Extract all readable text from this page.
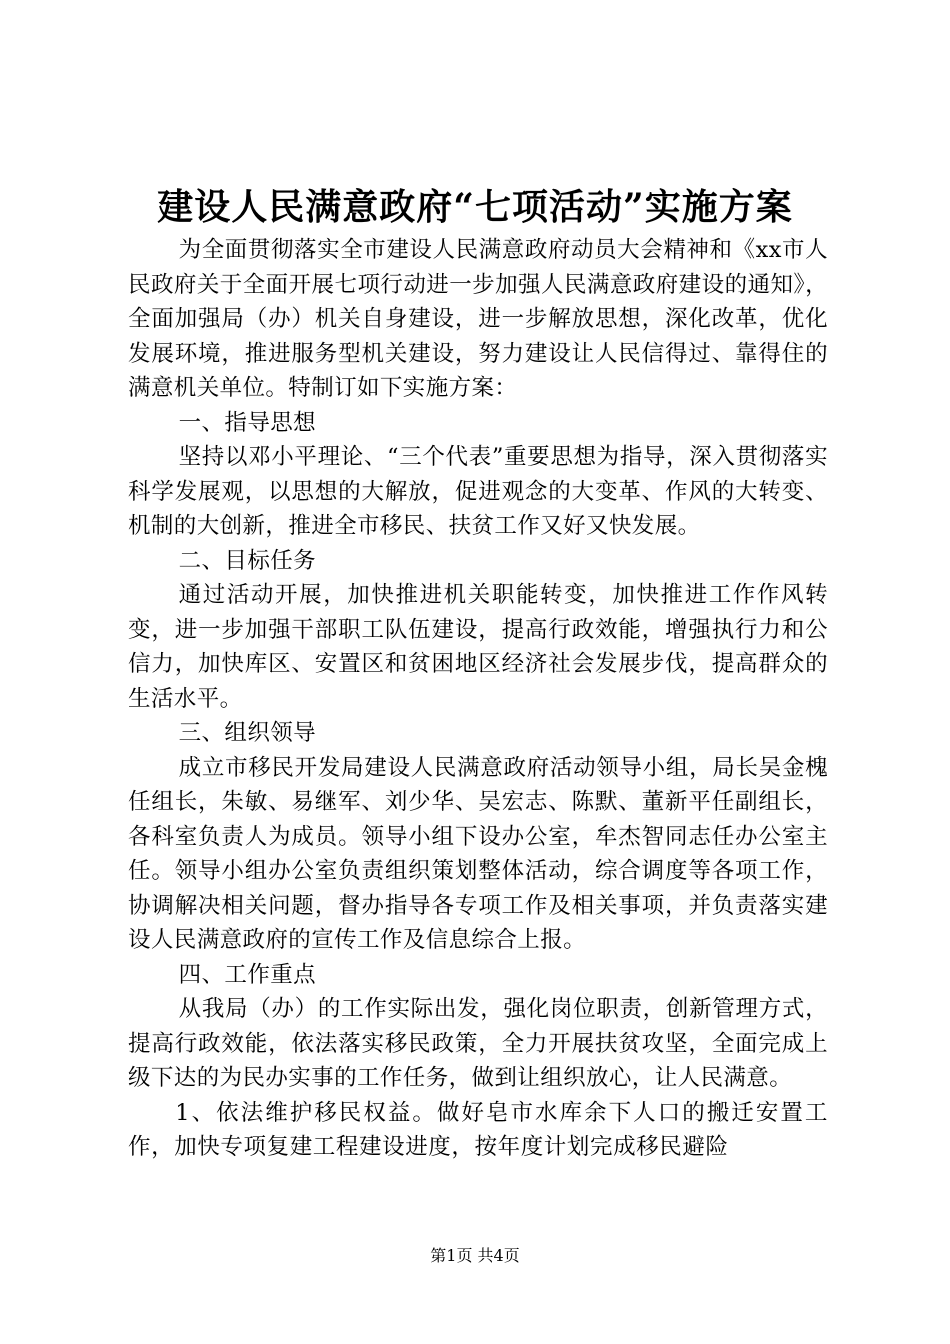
建设人民满意政府“七项活动”实施方案

为全面贯彻落实全市建设人民满意政府动员大会精神和《xx市人民政府关于全面开展七项行动进一步加强人民满意政府建设的通知》，全面加强局（办）机关自身建设，进一步解放思想，深化改革，优化发展环境，推进服务型机关建设，努力建设让人民信得过、靠得住的满意机关单位。特制订如下实施方案：

一、指导思想

坚持以邓小平理论、“三个代表”重要思想为指导，深入贯彻落实科学发展观，以思想的大解放，促进观念的大变革、作风的大转变、机制的大创新，推进全市移民、扶贫工作又好又快发展。

二、目标任务

通过活动开展，加快推进机关职能转变，加快推进工作作风转变，进一步加强干部职工队伍建设，提高行政效能，增强执行力和公信力，加快库区、安置区和贫困地区经济社会发展步伐，提高群众的生活水平。

三、组织领导

成立市移民开发局建设人民满意政府活动领导小组，局长吴金槐任组长，朱敏、易继军、刘少华、吴宏志、陈默、董新平任副组长，各科室负责人为成员。领导小组下设办公室，牟杰智同志任办公室主任。领导小组办公室负责组织策划整体活动，综合调度等各项工作，协调解决相关问题，督办指导各专项工作及相关事项，并负责落实建设人民满意政府的宣传工作及信息综合上报。

四、工作重点

从我局（办）的工作实际出发，强化岗位职责，创新管理方式，提高行政效能，依法落实移民政策，全力开展扶贫攻坚，全面完成上级下达的为民办实事的工作任务，做到让组织放心，让人民满意。

1、依法维护移民权益。做好皂市水库余下人口的搬迁安置工作，加快专项复建工程建设进度，按年度计划完成移民避险

第1页 共4页
